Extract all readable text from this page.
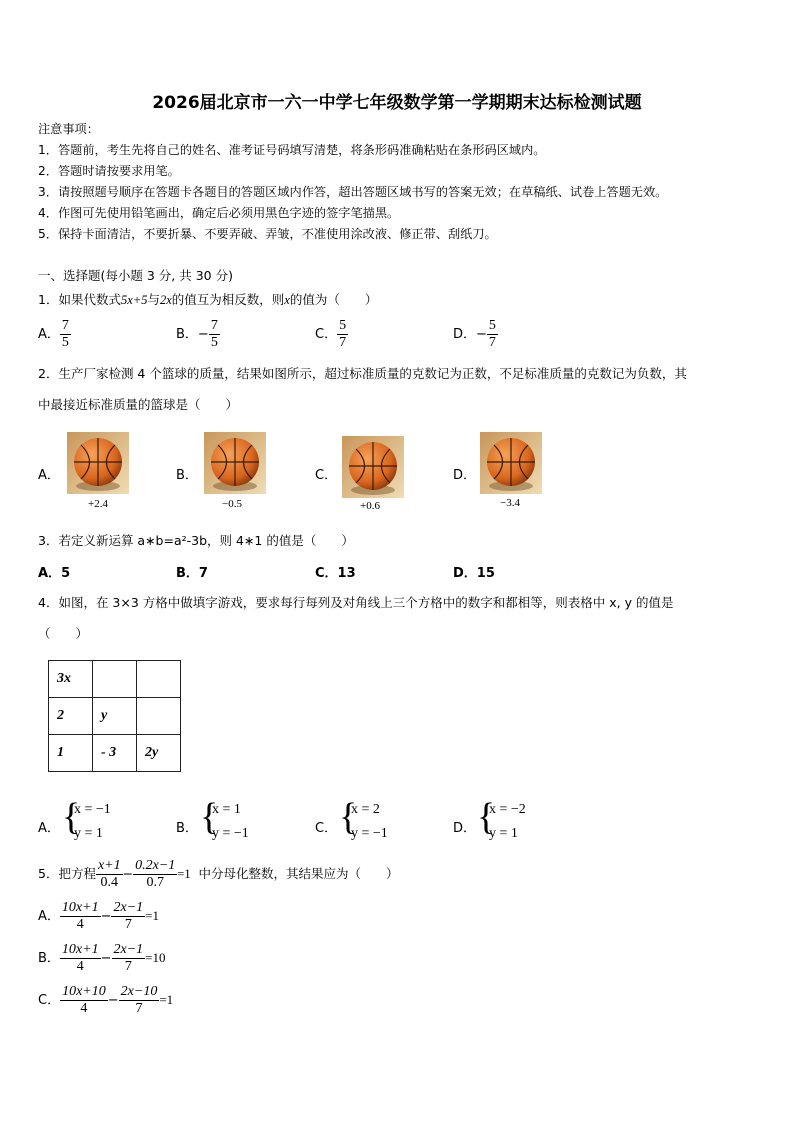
2026届北京市一六一中学七年级数学第一学期期末达标检测试题
注意事项：
1．答题前，考生先将自己的姓名、准考证号码填写清楚，将条形码准确粘贴在条形码区域内。
2．答题时请按要求用笔。
3．请按照题号顺序在答题卡各题目的答题区域内作答，超出答题区域书写的答案无效；在草稿纸、试卷上答题无效。
4．作图可先使用铅笔画出，确定后必须用黑色字迹的签字笔描黑。
5．保持卡面清洁，不要折暴、不要弄破、弄皱，不准使用涂改液、修正带、刮纸刀。
一、选择题(每小题 3 分, 共 30 分)
1．如果代数式5x+5与2x的值互为相反数，则x的值为（　　）
A． $\frac{7}{5}$	B．− $\frac{7}{5}$	C． $\frac{5}{7}$	D．− $\frac{5}{7}$
2．生产厂家检测 4 个篮球的质量，结果如图所示，超过标准质量的克数记为正数，不足标准质量的克数记为负数，其
中最接近标准质量的篮球是（　　）
A．
+2.4
B．
−0.5
C．
+0.6
D．
−3.4
3．若定义新运算 a∗b=a²-3b，则 4∗1 的值是（　　）
A．5	B．7	C．13	D．15
4．如图，在 3×3 方格中做填字游戏，要求每行每列及对角线上三个方格中的数字和都相等，则表格中 x, y 的值是
（　　）
3x		
2	y	
1	- 3	2y
A． {
x = −1
y = 1	B． {
x = 1
y = −1	C． {
x = 2
y = −1	D． {
x = −2
y = 1
5．把方程 $\frac{x+1}{0.4} - \frac{0.2x-1}{0.7} =1$ 中分母化整数，其结果应为（　　）
A． $\frac{10x+1}{4} - \frac{2x-1}{7} =1$
B． $\frac{10x+1}{4} - \frac{2x-1}{7} =10$
C． $\frac{10x+10}{4} - \frac{2x-10}{7} =1$
